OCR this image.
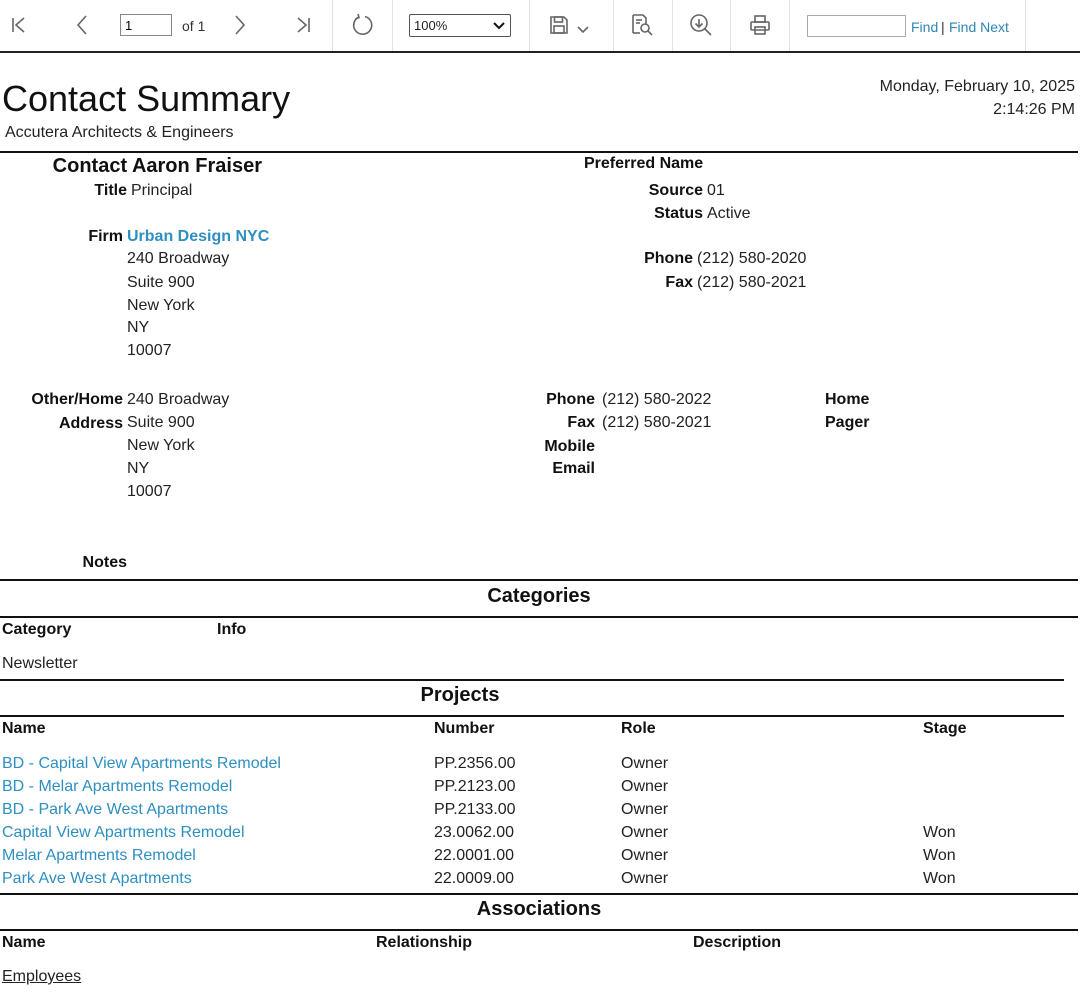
1
of 1	100%	Find | Find Next
Contact Summary
Accutera Architects & Engineers
Monday, February 10, 2025
2:14:26 PM
Contact Aaron Fraiser
Title Principal
Preferred Name
Source 01
Status Active
Firm Urban Design NYC
240 Broadway
Suite 900
New York
NY
10007
Phone (212) 580-2020
Fax (212) 580-2021
Other/Home
Address
240 Broadway
Suite 900
New York
NY
10007
Phone (212) 580-2022
Fax (212) 580-2021
Mobile
Email
Home
Pager
Notes
Categories
Category	Info
Newsletter
Projects
Name	Number	Role	Stage
BD - Capital View Apartments Remodel	PP.2356.00	Owner
BD - Melar Apartments Remodel	PP.2123.00	Owner
BD - Park Ave West Apartments	PP.2133.00	Owner
Capital View Apartments Remodel	23.0062.00	Owner	Won
Melar Apartments Remodel	22.0001.00	Owner	Won
Park Ave West Apartments	22.0009.00	Owner	Won
Associations
Name	Relationship	Description
Employees
